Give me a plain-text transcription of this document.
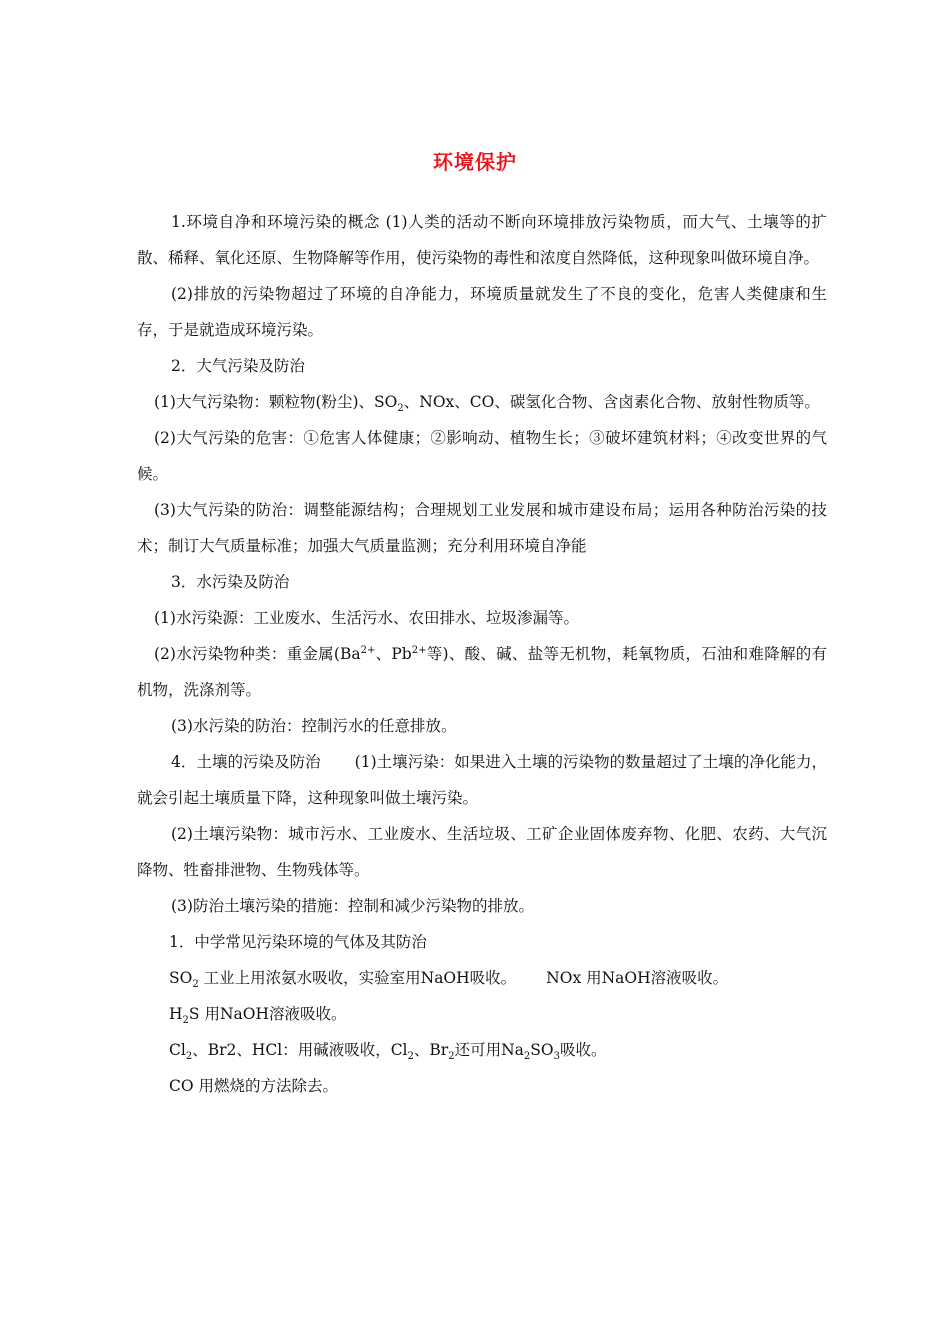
环境保护

1.环境自净和环境污染的概念 (1)人类的活动不断向环境排放污染物质，而大气、土壤等的扩散、稀释、氧化还原、生物降解等作用，使污染物的毒性和浓度自然降低，这种现象叫做环境自净。

(2)排放的污染物超过了环境的自净能力，环境质量就发生了不良的变化，危害人类健康和生存，于是就造成环境污染。

2．大气污染及防治

(1)大气污染物：颗粒物(粉尘)、$SO_2$、NOx、CO、碳氢化合物、含卤素化合物、放射性物质等。

(2)大气污染的危害：①危害人体健康；②影响动、植物生长；③破坏建筑材料；④改变世界的气候。

(3)大气污染的防治：调整能源结构；合理规划工业发展和城市建设布局；运用各种防治污染的技术；制订大气质量标准；加强大气质量监测；充分利用环境自净能

3．水污染及防治

(1)水污染源：工业废水、生活污水、农田排水、垃圾渗漏等。

(2)水污染物种类：重金属($Ba^{2+}$、$Pb^{2+}$等)、酸、碱、盐等无机物，耗氧物质，石油和难降解的有机物，洗涤剂等。

(3)水污染的防治：控制污水的任意排放。

4．土壤的污染及防治 (1)土壤污染：如果进入土壤的污染物的数量超过了土壤的净化能力，就会引起土壤质量下降，这种现象叫做土壤污染。

(2)土壤污染物：城市污水、工业废水、生活垃圾、工矿企业固体废弃物、化肥、农药、大气沉降物、牲畜排泄物、生物残体等。

(3)防治土壤污染的措施：控制和减少污染物的排放。

1．中学常见污染环境的气体及其防治

$SO_2$ 工业上用浓氨水吸收，实验室用NaOH吸收。 NOx 用NaOH溶液吸收。

$H_2S$ 用NaOH溶液吸收。

$Cl_2$、Br2、HCl：用碱液吸收，$Cl_2$、$Br_2$还可用$Na_2SO_3$吸收。

CO 用燃烧的方法除去。
